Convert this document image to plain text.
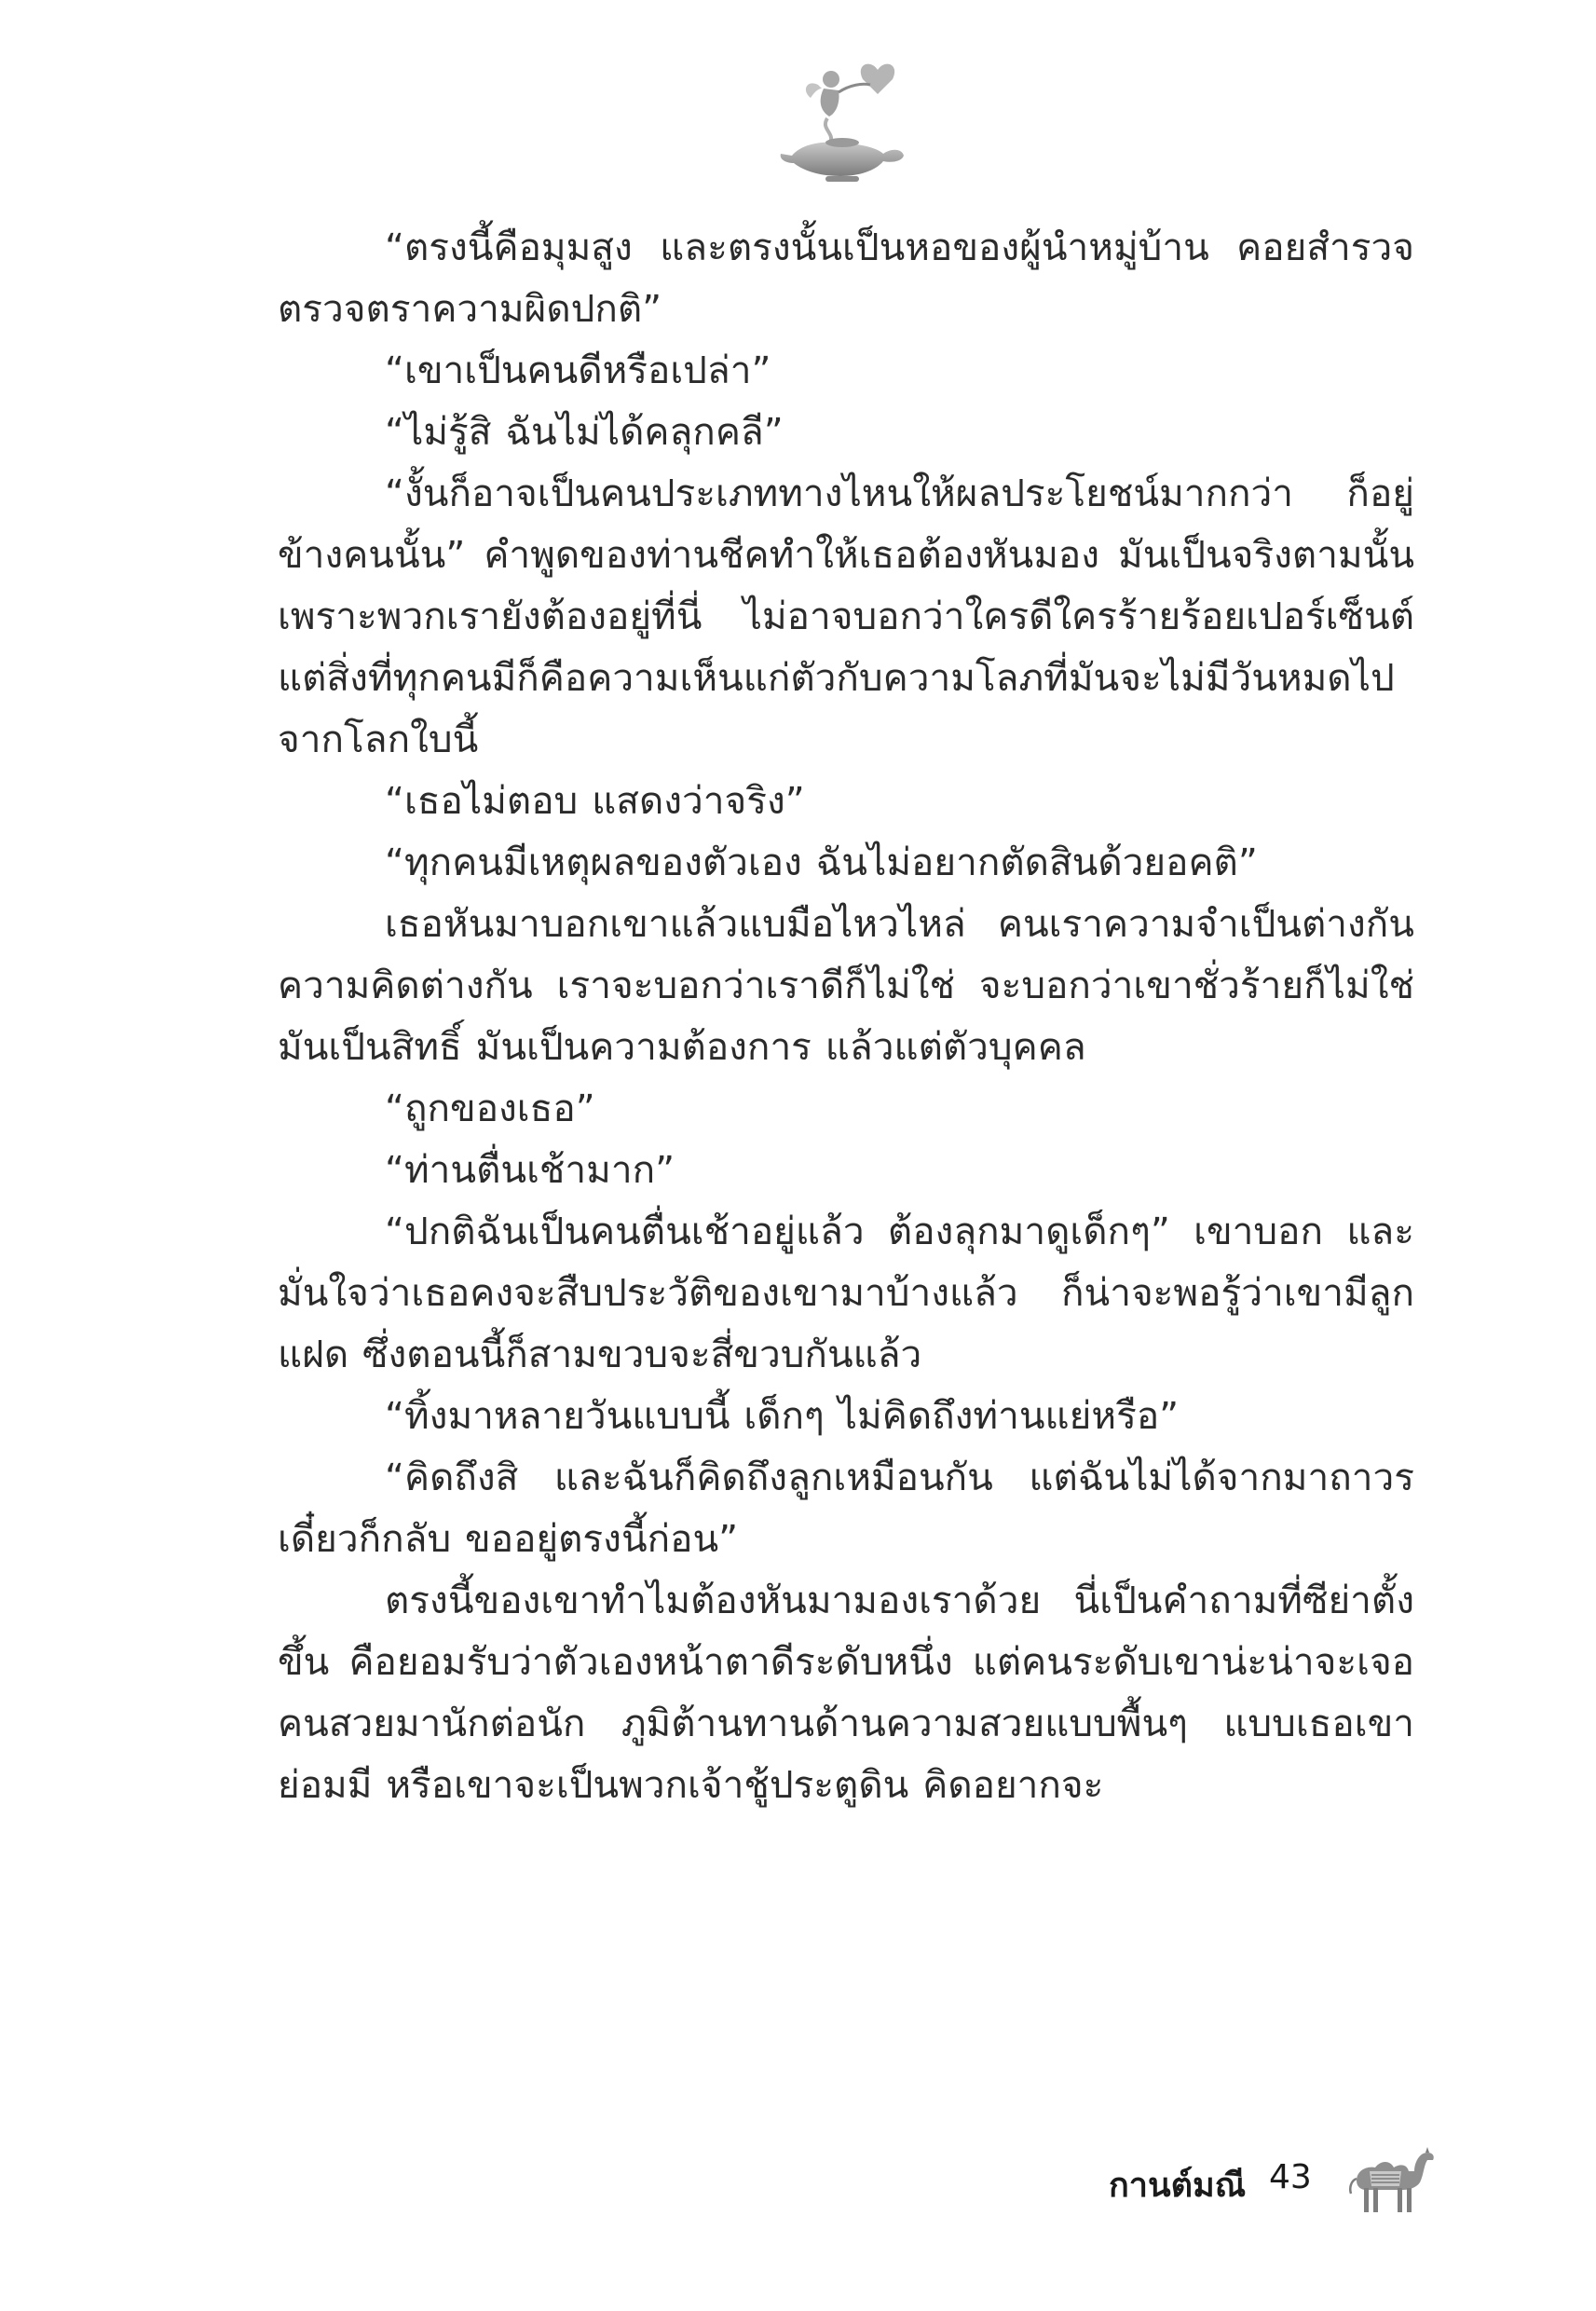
“ตรงนี้คือมุมสูง และตรงนั้นเป็นหอของผู้นำหมู่บ้าน คอยสำรวจตรวจตราความผิดปกติ”

“เขาเป็นคนดีหรือเปล่า”

“ไม่รู้สิ ฉันไม่ได้คลุกคลี”

“งั้นก็อาจเป็นคนประเภททางไหนให้ผลประโยชน์มากกว่า ก็อยู่ข้างคนนั้น” คำพูดของท่านชีคทำให้เธอต้องหันมอง มันเป็นจริงตามนั้น เพราะพวกเรายังต้องอยู่ที่นี่ ไม่อาจบอกว่าใครดีใครร้ายร้อยเปอร์เซ็นต์ แต่สิ่งที่ทุกคนมีก็คือความเห็นแก่ตัวกับความโลภที่มันจะไม่มีวันหมดไปจากโลกใบนี้

“เธอไม่ตอบ แสดงว่าจริง”

“ทุกคนมีเหตุผลของตัวเอง ฉันไม่อยากตัดสินด้วยอคติ”

เธอหันมาบอกเขาแล้วแบมือไหวไหล่ คนเราความจำเป็นต่างกัน ความคิดต่างกัน เราจะบอกว่าเราดีก็ไม่ใช่ จะบอกว่าเขาชั่วร้ายก็ไม่ใช่ มันเป็นสิทธิ์ มันเป็นความต้องการ แล้วแต่ตัวบุคคล

“ถูกของเธอ”

“ท่านตื่นเช้ามาก”

“ปกติฉันเป็นคนตื่นเช้าอยู่แล้ว ต้องลุกมาดูเด็กๆ” เขาบอก และมั่นใจว่าเธอคงจะสืบประวัติของเขามาบ้างแล้ว ก็น่าจะพอรู้ว่าเขามีลูกแฝด ซึ่งตอนนี้ก็สามขวบจะสี่ขวบกันแล้ว

“ทิ้งมาหลายวันแบบนี้ เด็กๆ ไม่คิดถึงท่านแย่หรือ”

“คิดถึงสิ และฉันก็คิดถึงลูกเหมือนกัน แต่ฉันไม่ได้จากมาถาวร เดี๋ยวก็กลับ ขออยู่ตรงนี้ก่อน”

ตรงนี้ของเขาทำไมต้องหันมามองเราด้วย นี่เป็นคำถามที่ซีย่าตั้งขึ้น คือยอมรับว่าตัวเองหน้าตาดีระดับหนึ่ง แต่คนระดับเขาน่ะน่าจะเจอคนสวยมานักต่อนัก ภูมิต้านทานด้านความสวยแบบพื้นๆ แบบเธอเขาย่อมมี หรือเขาจะเป็นพวกเจ้าชู้ประตูดิน คิดอยากจะ

กานต์มณี 43
